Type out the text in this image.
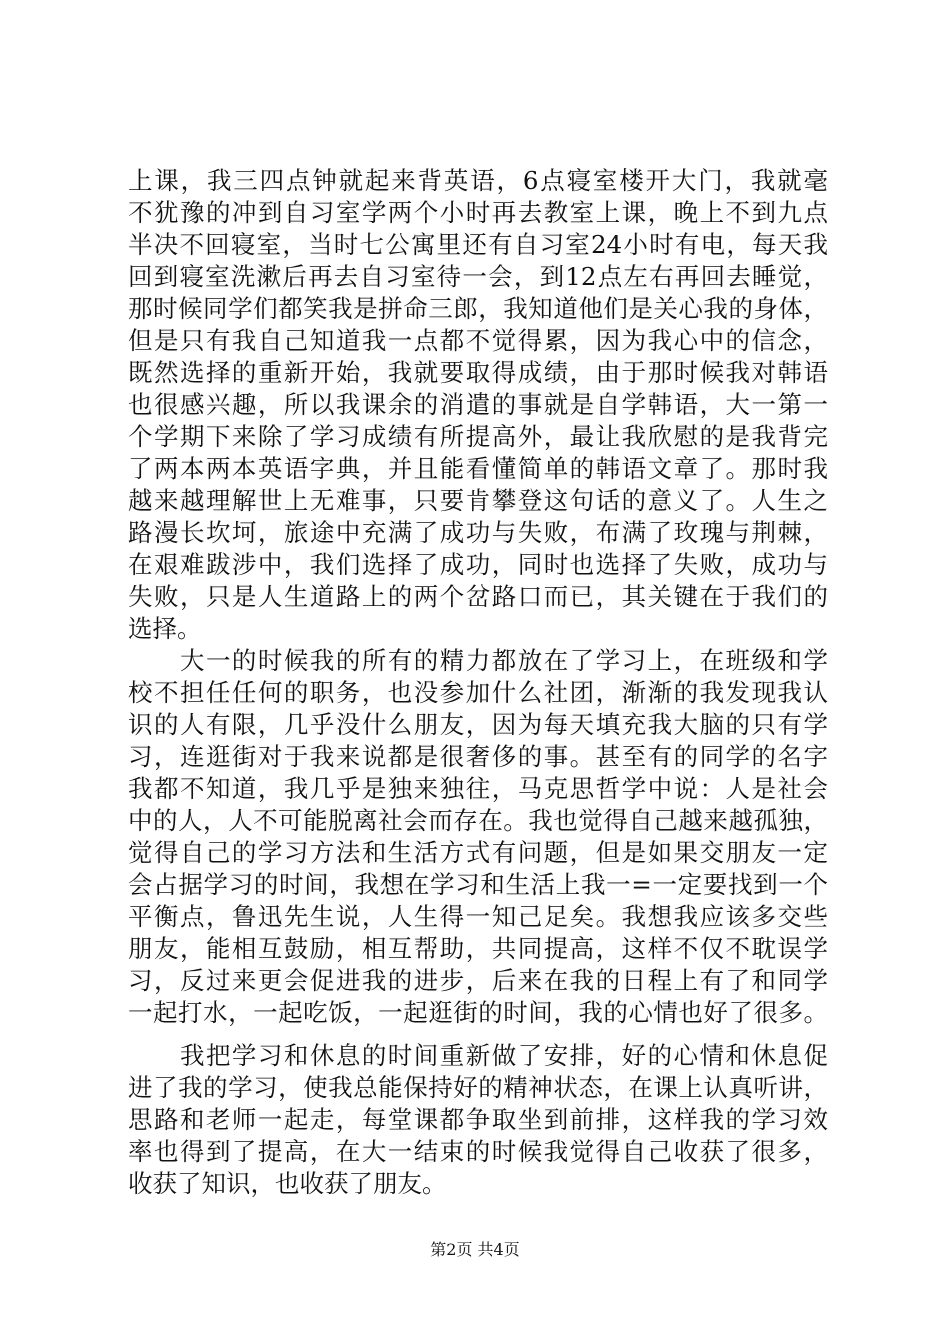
上课，我三四点钟就起来背英语，6点寝室楼开大门，我就毫
不犹豫的冲到自习室学两个小时再去教室上课，晚上不到九点
半决不回寝室，当时七公寓里还有自习室24小时有电，每天我
回到寝室洗漱后再去自习室待一会，到12点左右再回去睡觉，
那时候同学们都笑我是拼命三郎，我知道他们是关心我的身体，
但是只有我自己知道我一点都不觉得累，因为我心中的信念，
既然选择的重新开始，我就要取得成绩，由于那时候我对韩语
也很感兴趣，所以我课余的消遣的事就是自学韩语，大一第一
个学期下来除了学习成绩有所提高外，最让我欣慰的是我背完
了两本两本英语字典，并且能看懂简单的韩语文章了。那时我
越来越理解世上无难事，只要肯攀登这句话的意义了。人生之
路漫长坎坷，旅途中充满了成功与失败，布满了玫瑰与荆棘，
在艰难跋涉中，我们选择了成功，同时也选择了失败，成功与
失败，只是人生道路上的两个岔路口而已，其关键在于我们的
选择。
　　大一的时候我的所有的精力都放在了学习上，在班级和学
校不担任任何的职务，也没参加什么社团，渐渐的我发现我认
识的人有限，几乎没什么朋友，因为每天填充我大脑的只有学
习，连逛街对于我来说都是很奢侈的事。甚至有的同学的名字
我都不知道，我几乎是独来独往，马克思哲学中说：人是社会
中的人，人不可能脱离社会而存在。我也觉得自己越来越孤独，
觉得自己的学习方法和生活方式有问题，但是如果交朋友一定
会占据学习的时间，我想在学习和生活上我一=一定要找到一个
平衡点，鲁迅先生说，人生得一知己足矣。我想我应该多交些
朋友，能相互鼓励，相互帮助，共同提高，这样不仅不耽误学
习，反过来更会促进我的进步，后来在我的日程上有了和同学
一起打水，一起吃饭，一起逛街的时间，我的心情也好了很多。
　　我把学习和休息的时间重新做了安排，好的心情和休息促
进了我的学习，使我总能保持好的精神状态，在课上认真听讲，
思路和老师一起走，每堂课都争取坐到前排，这样我的学习效
率也得到了提高，在大一结束的时候我觉得自己收获了很多，
收获了知识，也收获了朋友。
第2页 共4页
